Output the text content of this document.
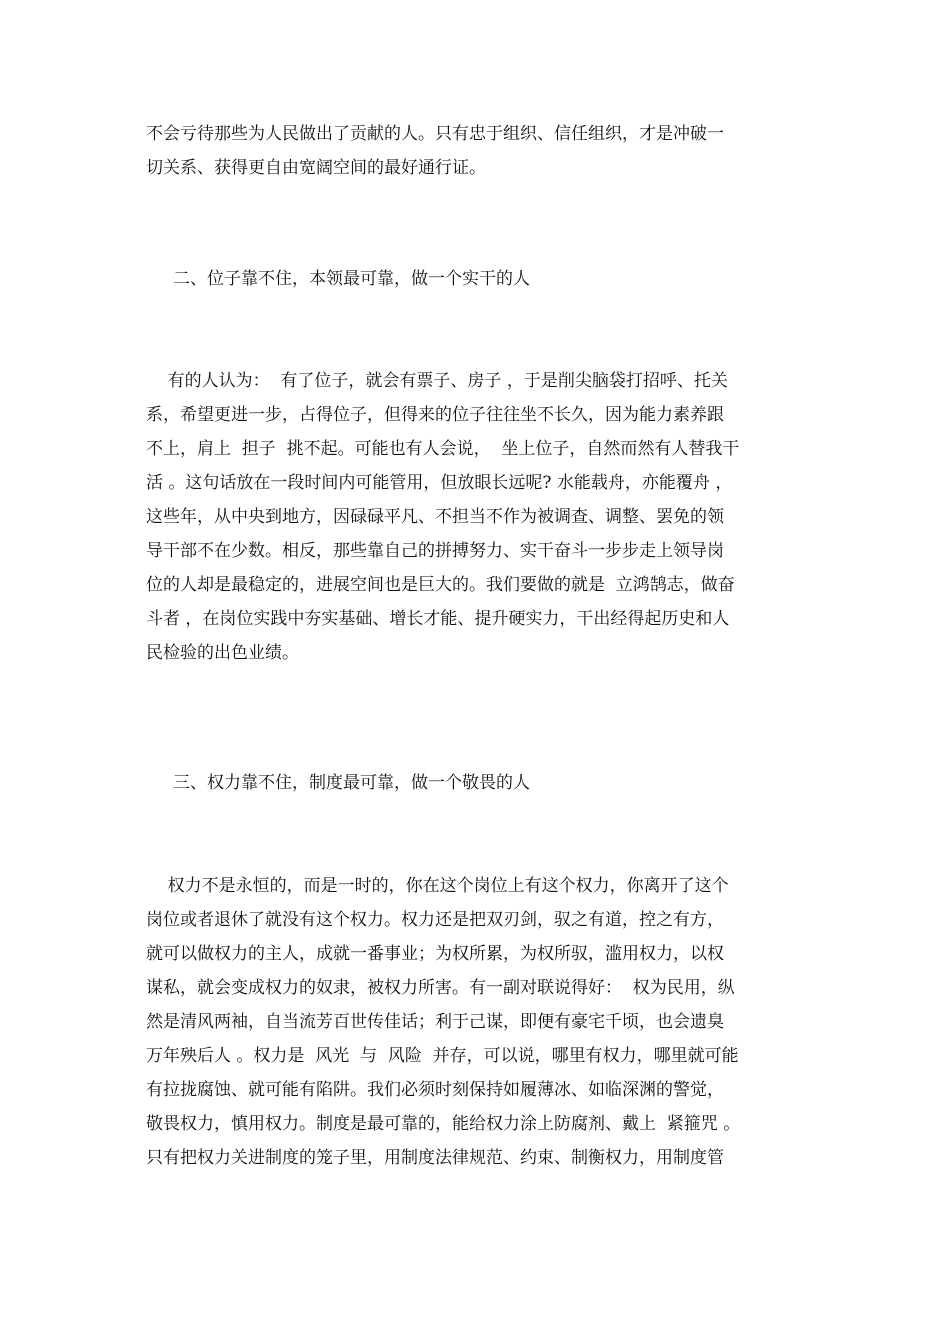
不会亏待那些为人民做出了贡献的人。只有忠于组织、信任组织，才是冲破一
切关系、获得更自由宽阔空间的最好通行证。
二、位子靠不住，本领最可靠，做一个实干的人
有的人认为：  有了位子，就会有票子、房子 ，于是削尖脑袋打招呼、托关
系，希望更进一步，占得位子，但得来的位子往往坐不长久，因为能力素养跟
不上，肩上  担子  挑不起。可能也有人会说，  坐上位子，自然而然有人替我干
活 。这句话放在一段时间内可能管用，但放眼长远呢? 水能载舟，亦能覆舟 ，
这些年，从中央到地方，因碌碌平凡、不担当不作为被调查、调整、罢免的领
导干部不在少数。相反，那些靠自己的拼搏努力、实干奋斗一步步走上领导岗
位的人却是最稳定的，进展空间也是巨大的。我们要做的就是  立鸿鹄志，做奋
斗者 ，在岗位实践中夯实基础、增长才能、提升硬实力，干出经得起历史和人
民检验的出色业绩。
三、权力靠不住，制度最可靠，做一个敬畏的人
权力不是永恒的，而是一时的，你在这个岗位上有这个权力，你离开了这个
岗位或者退休了就没有这个权力。权力还是把双刃剑，驭之有道，控之有方，
就可以做权力的主人，成就一番事业；为权所累，为权所驭，滥用权力，以权
谋私，就会变成权力的奴隶，被权力所害。有一副对联说得好：  权为民用，纵
然是清风两袖，自当流芳百世传佳话；利于己谋，即便有豪宅千顷，也会遗臭
万年殃后人 。权力是  风光  与  风险  并存，可以说，哪里有权力，哪里就可能
有拉拢腐蚀、就可能有陷阱。我们必须时刻保持如履薄冰、如临深渊的警觉，
敬畏权力，慎用权力。制度是最可靠的，能给权力涂上防腐剂、戴上  紧箍咒 。
只有把权力关进制度的笼子里，用制度法律规范、约束、制衡权力，用制度管
